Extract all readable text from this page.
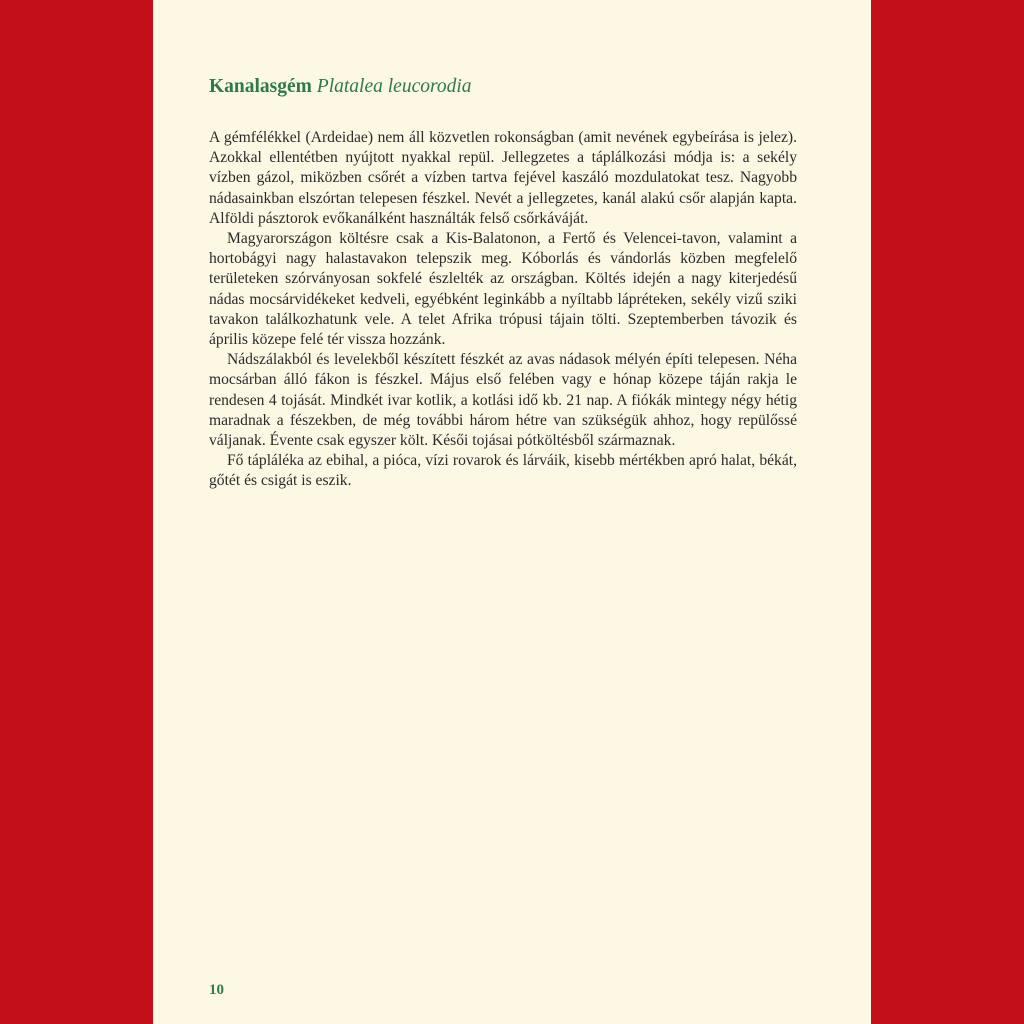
Kanalasgém Platalea leucorodia

A gémfélékkel (Ardeidae) nem áll közvetlen rokonságban (amit nevének egybeírása is jelez). Azokkal ellentétben nyújtott nyakkal repül. Jellegzetes a táplálkozási módja is: a sekély vízben gázol, miközben csőrét a vízben tartva fejével kaszáló mozdulatokat tesz. Nagyobb nádasainkban elszórtan telepesen fészkel. Nevét a jellegzetes, kanál alakú csőr alapján kapta. Alföldi pásztorok evőkanálként használták felső csőrkáváját.

Magyarországon költésre csak a Kis-Balatonon, a Fertő és Velencei-tavon, valamint a hortobágyi nagy halastavakon telepszik meg. Kóborlás és vándorlás közben megfelelő területeken szórványosan sokfelé észlelték az országban. Költés idején a nagy kiterjedésű nádas mocsárvidékeket kedveli, egyébként leginkább a nyíltabb lápréteken, sekély vizű sziki tavakon találkozhatunk vele. A telet Afrika trópusi tájain tölti. Szeptemberben távozik és április közepe felé tér vissza hozzánk.

Nádszálakból és levelekből készített fészkét az avas nádasok mélyén építi telepesen. Néha mocsárban álló fákon is fészkel. Május első felében vagy e hónap közepe táján rakja le rendesen 4 tojását. Mindkét ivar kotlik, a kotlási idő kb. 21 nap. A fiókák mintegy négy hétig maradnak a fészekben, de még további három hétre van szükségük ahhoz, hogy repülőssé váljanak. Évente csak egyszer költ. Késői tojásai pótköltésből származnak.

Fő tápláléka az ebihal, a pióca, vízi rovarok és lárváik, kisebb mértékben apró halat, békát, gőtét és csigát is eszik.

10
